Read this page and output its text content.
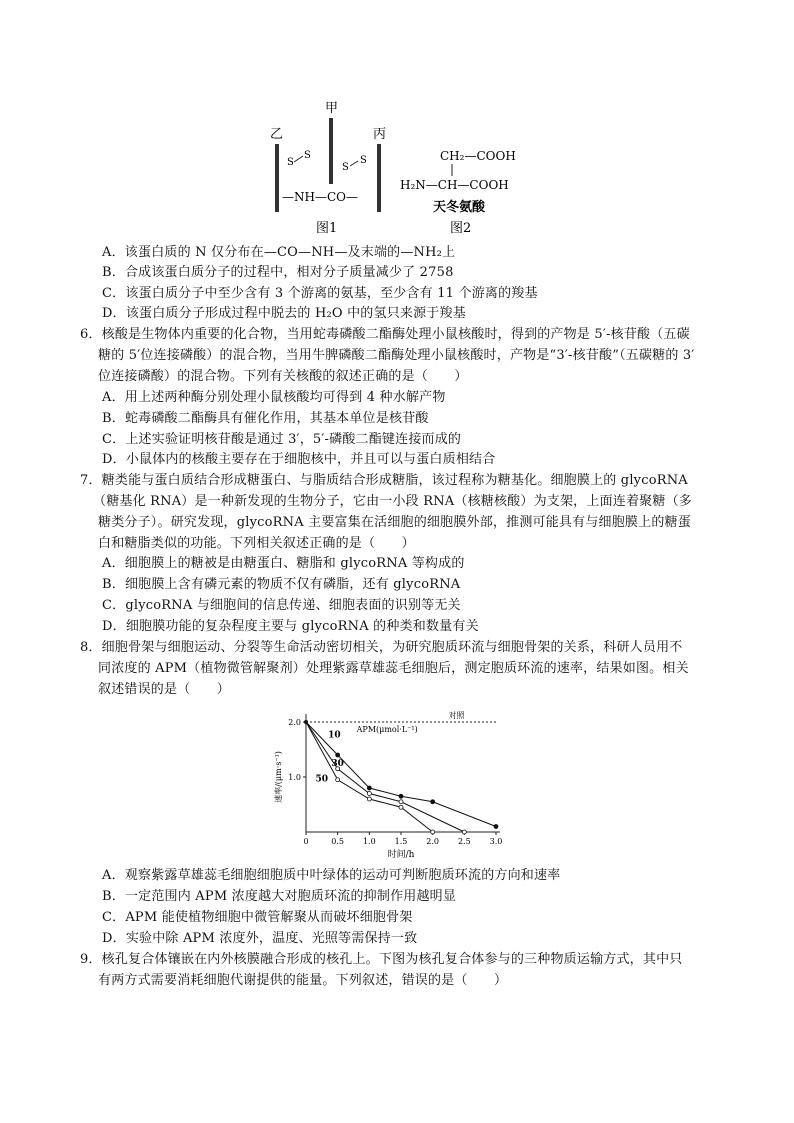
甲
乙	丙
S
S
S
S
—NH—CO—
图1
CH₂—COOH
H₂N—CH—COOH
天冬氨酸
图2
A．该蛋白质的 N 仅分布在—CO—NH—及末端的—NH₂上
B．合成该蛋白质分子的过程中，相对分子质量减少了 2758
C．该蛋白质分子中至少含有 3 个游离的氨基，至少含有 11 个游离的羧基
D．该蛋白质分子形成过程中脱去的 H₂O 中的氢只来源于羧基
6．核酸是生物体内重要的化合物，当用蛇毒磷酸二酯酶处理小鼠核酸时，得到的产物是 5′-核苷酸（五碳
糖的 5′位连接磷酸）的混合物，当用牛脾磷酸二酯酶处理小鼠核酸时，产物是“3′-核苷酸”（五碳糖的 3′
位连接磷酸）的混合物。下列有关核酸的叙述正确的是（　　）
A．用上述两种酶分别处理小鼠核酸均可得到 4 种水解产物
B．蛇毒磷酸二酯酶具有催化作用，其基本单位是核苷酸
C．上述实验证明核苷酸是通过 3′，5′-磷酸二酯键连接而成的
D．小鼠体内的核酸主要存在于细胞核中，并且可以与蛋白质相结合
7．糖类能与蛋白质结合形成糖蛋白、与脂质结合形成糖脂，该过程称为糖基化。细胞膜上的 glycoRNA
（糖基化 RNA）是一种新发现的生物分子，它由一小段 RNA（核糖核酸）为支架，上面连着聚糖（多
糖类分子）。研究发现，glycoRNA 主要富集在活细胞的细胞膜外部，推测可能具有与细胞膜上的糖蛋
白和糖脂类似的功能。下列相关叙述正确的是（　　）
A．细胞膜上的糖被是由糖蛋白、糖脂和 glycoRNA 等构成的
B．细胞膜上含有磷元素的物质不仅有磷脂，还有 glycoRNA
C．glycoRNA 与细胞间的信息传递、细胞表面的识别等无关
D．细胞膜功能的复杂程度主要与 glycoRNA 的种类和数量有关
8．细胞骨架与细胞运动、分裂等生命活动密切相关，为研究胞质环流与细胞骨架的关系，科研人员用不
同浓度的 APM（植物微管解聚剂）处理紫露草雄蕊毛细胞后，测定胞质环流的速率，结果如图。相关
叙述错误的是（　　）
0	0.5 1.0 1.5 2.0 2.5 3.0
1.0
2.0
时间/h
速率/(μm·s⁻¹)
对照
APM(μmol·L⁻¹)
10
30
50
A．观察紫露草雄蕊毛细胞细胞质中叶绿体的运动可判断胞质环流的方向和速率
B．一定范围内 APM 浓度越大对胞质环流的抑制作用越明显
C．APM 能使植物细胞中微管解聚从而破坏细胞骨架
D．实验中除 APM 浓度外，温度、光照等需保持一致
9．核孔复合体镶嵌在内外核膜融合形成的核孔上。下图为核孔复合体参与的三种物质运输方式，其中只
有两方式需要消耗细胞代谢提供的能量。下列叙述，错误的是（　　）
